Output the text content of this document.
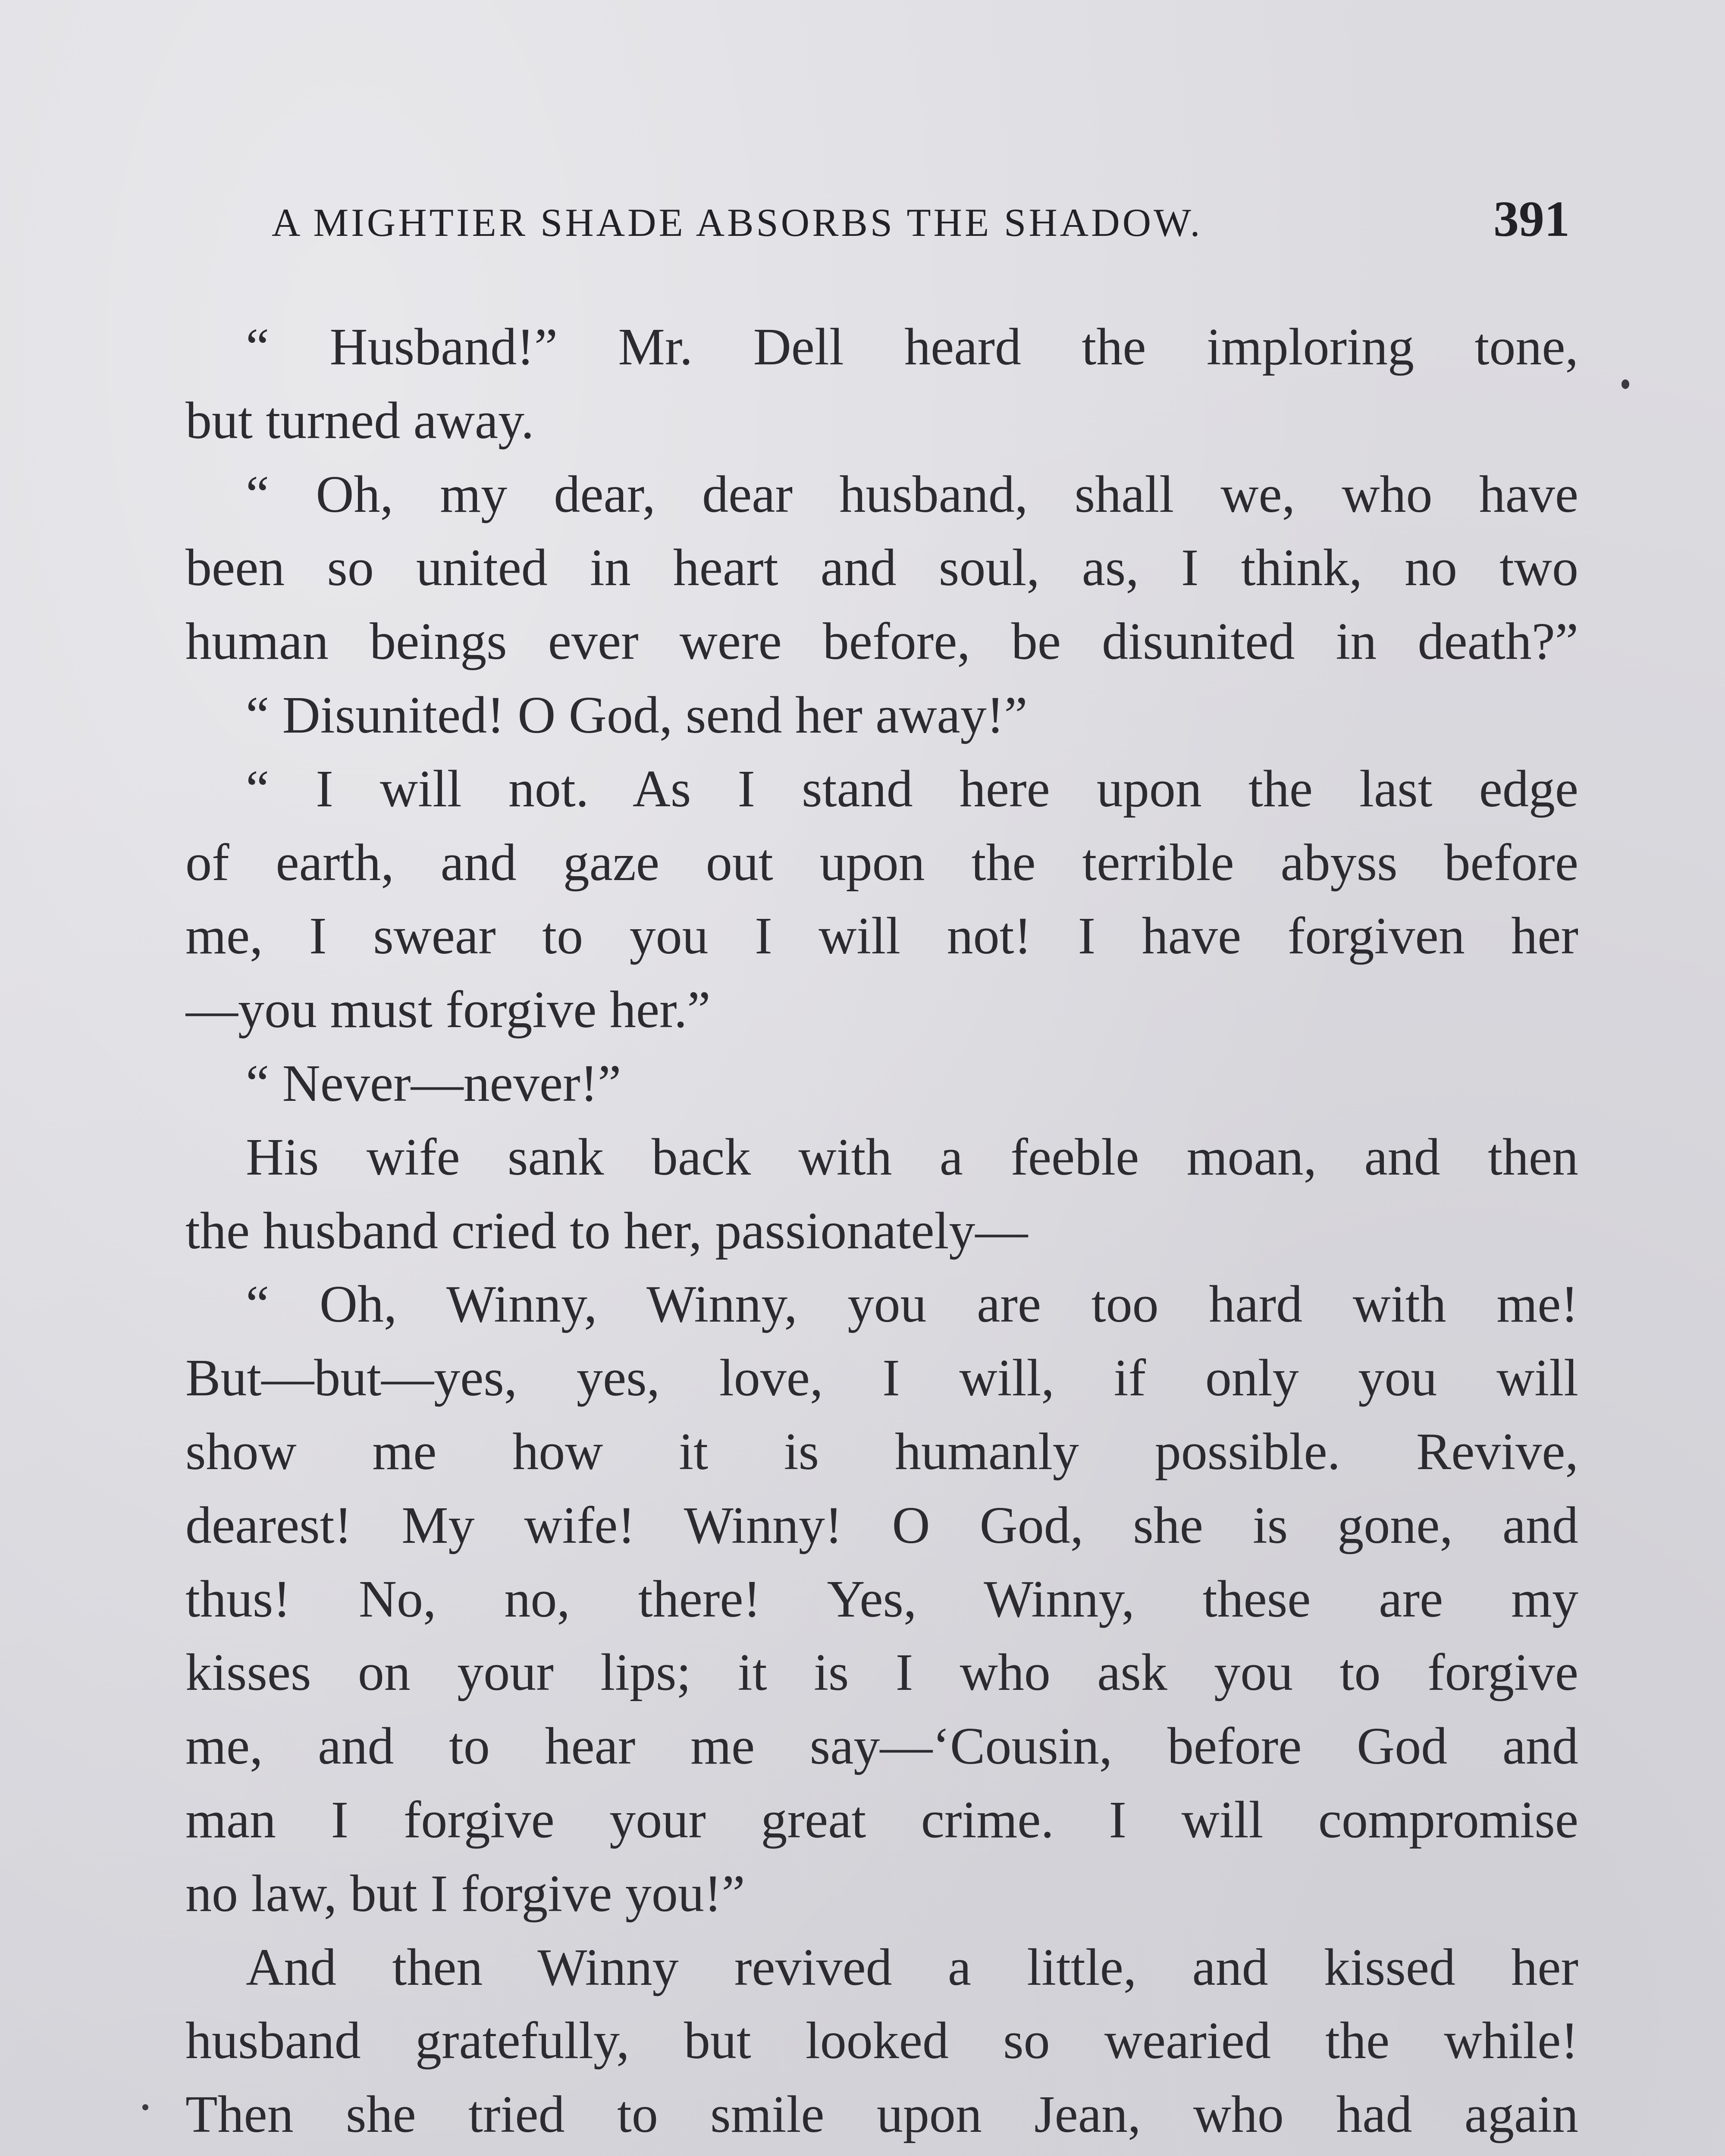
A MIGHTIER SHADE ABSORBS THE SHADOW.	391
“ Husband!” Mr. Dell heard the imploring tone,
but turned away.
“ Oh, my dear, dear husband, shall we, who have
been so united in heart and soul, as, I think, no two
human beings ever were before, be disunited in death?”
“ Disunited! O God, send her away!”
“ I will not. As I stand here upon the last edge
of earth, and gaze out upon the terrible abyss before
me, I swear to you I will not! I have forgiven her
—you must forgive her.”
“ Never—never!”
His wife sank back with a feeble moan, and then
the husband cried to her, passionately—
“ Oh, Winny, Winny, you are too hard with me!
But—but—yes, yes, love, I will, if only you will
show me how it is humanly possible. Revive,
dearest! My wife! Winny! O God, she is gone, and
thus! No, no, there! Yes, Winny, these are my
kisses on your lips; it is I who ask you to forgive
me, and to hear me say—‘Cousin, before God and
man I forgive your great crime. I will compromise
no law, but I forgive you!”
And then Winny revived a little, and kissed her
husband gratefully, but looked so wearied the while!
Then she tried to smile upon Jean, who had again
